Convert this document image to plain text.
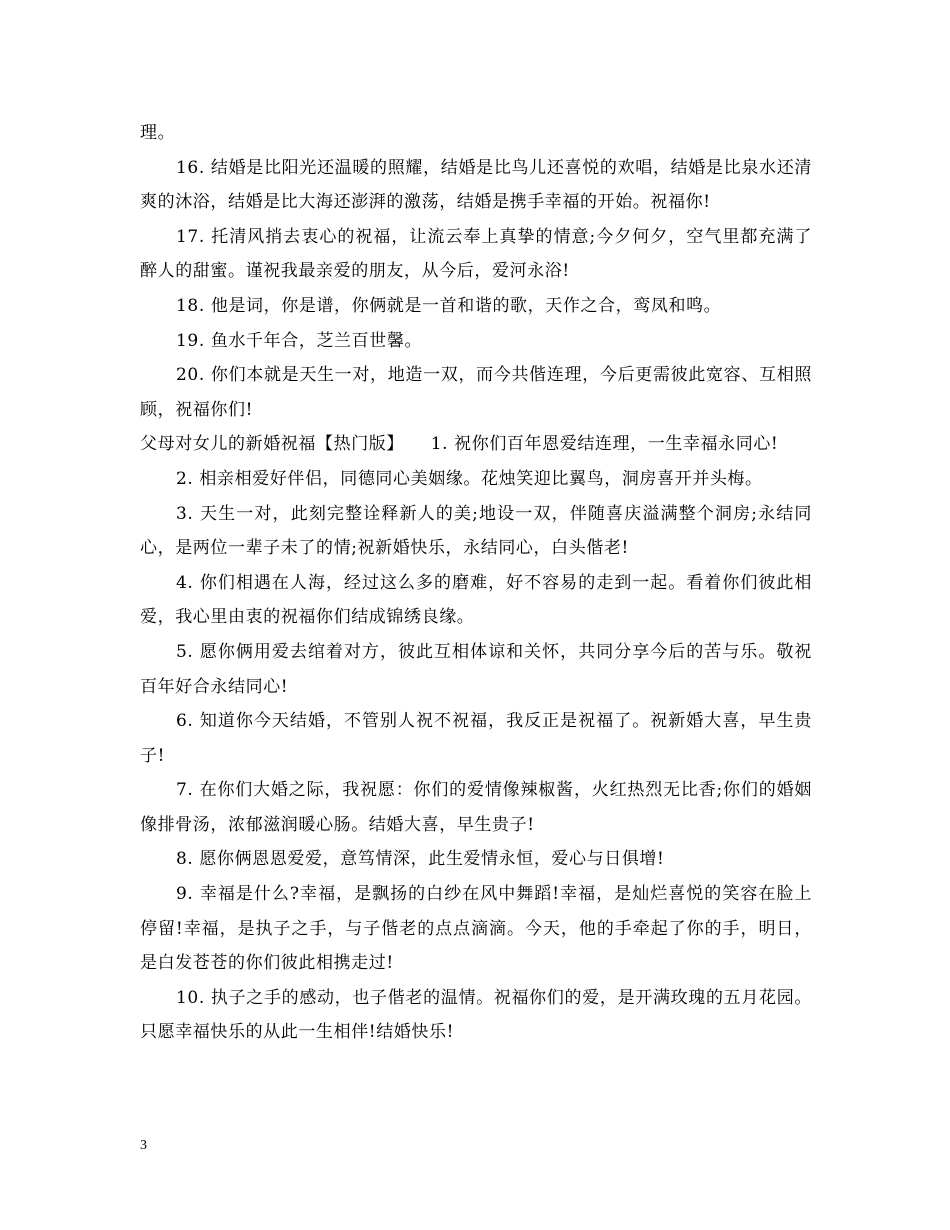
理。

16. 结婚是比阳光还温暖的照耀，结婚是比鸟儿还喜悦的欢唱，结婚是比泉水还清爽的沐浴，结婚是比大海还澎湃的激荡，结婚是携手幸福的开始。祝福你!

17. 托清风捎去衷心的祝福，让流云奉上真挚的情意;今夕何夕，空气里都充满了醉人的甜蜜。谨祝我最亲爱的朋友，从今后，爱河永浴!

18. 他是词，你是谱，你俩就是一首和谐的歌，天作之合，鸾凤和鸣。

19. 鱼水千年合，芝兰百世馨。

20. 你们本就是天生一对，地造一双，而今共偕连理，今后更需彼此宽容、互相照顾，祝福你们!

父母对女儿的新婚祝福【热门版】　　1. 祝你们百年恩爱结连理，一生幸福永同心!

2. 相亲相爱好伴侣，同德同心美姻缘。花烛笑迎比翼鸟，洞房喜开并头梅。

3. 天生一对，此刻完整诠释新人的美;地设一双，伴随喜庆溢满整个洞房;永结同心，是两位一辈子未了的情;祝新婚快乐，永结同心，白头偕老!

4. 你们相遇在人海，经过这么多的磨难，好不容易的走到一起。看着你们彼此相爱，我心里由衷的祝福你们结成锦绣良缘。

5. 愿你俩用爱去绾着对方，彼此互相体谅和关怀，共同分享今后的苦与乐。敬祝百年好合永结同心!

6. 知道你今天结婚，不管别人祝不祝福，我反正是祝福了。祝新婚大喜，早生贵子!

7. 在你们大婚之际，我祝愿：你们的爱情像辣椒酱，火红热烈无比香;你们的婚姻像排骨汤，浓郁滋润暖心肠。结婚大喜，早生贵子!

8. 愿你俩恩恩爱爱，意笃情深，此生爱情永恒，爱心与日俱增!

9. 幸福是什么?幸福，是飘扬的白纱在风中舞蹈!幸福，是灿烂喜悦的笑容在脸上停留!幸福，是执子之手，与子偕老的点点滴滴。今天，他的手牵起了你的手，明日，是白发苍苍的你们彼此相携走过!

10. 执子之手的感动，也子偕老的温情。祝福你们的爱，是开满玫瑰的五月花园。只愿幸福快乐的从此一生相伴!结婚快乐!

3
